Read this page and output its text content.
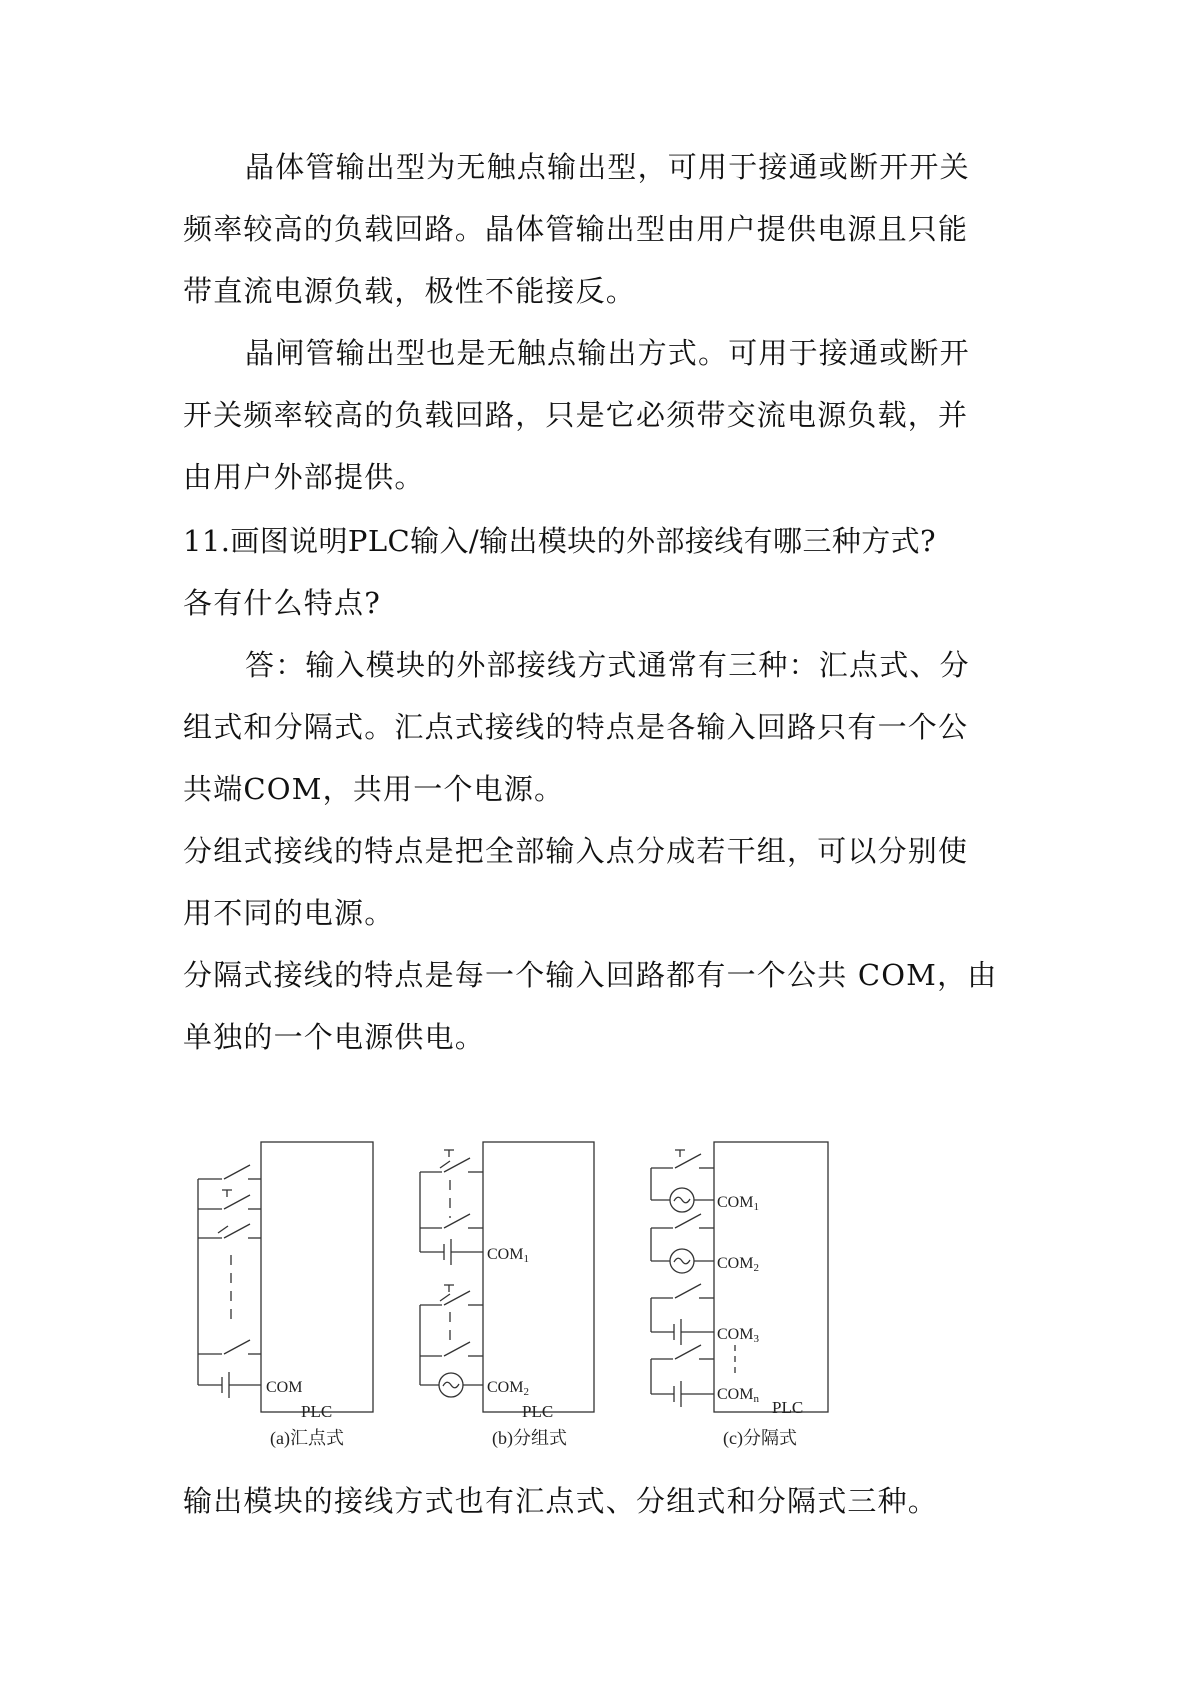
晶体管输出型为无触点输出型，可用于接通或断开开关
频率较高的负载回路。晶体管输出型由用户提供电源且只能
带直流电源负载，极性不能接反。
晶闸管输出型也是无触点输出方式。可用于接通或断开
开关频率较高的负载回路，只是它必须带交流电源负载，并
由用户外部提供。
11.画图说明PLC输入/输出模块的外部接线有哪三种方式?
各有什么特点?
答：输入模块的外部接线方式通常有三种：汇点式、分
组式和分隔式。汇点式接线的特点是各输入回路只有一个公
共端COM，共用一个电源。
分组式接线的特点是把全部输入点分成若干组，可以分别使
用不同的电源。
分隔式接线的特点是每一个输入回路都有一个公共 COM，由
单独的一个电源供电。
COM
PLC
(a)汇点式
COM1
COM2
PLC
(b)分组式
COM1
COM2
COM3
COMn PLC
(c)分隔式
输出模块的接线方式也有汇点式、分组式和分隔式三种。
